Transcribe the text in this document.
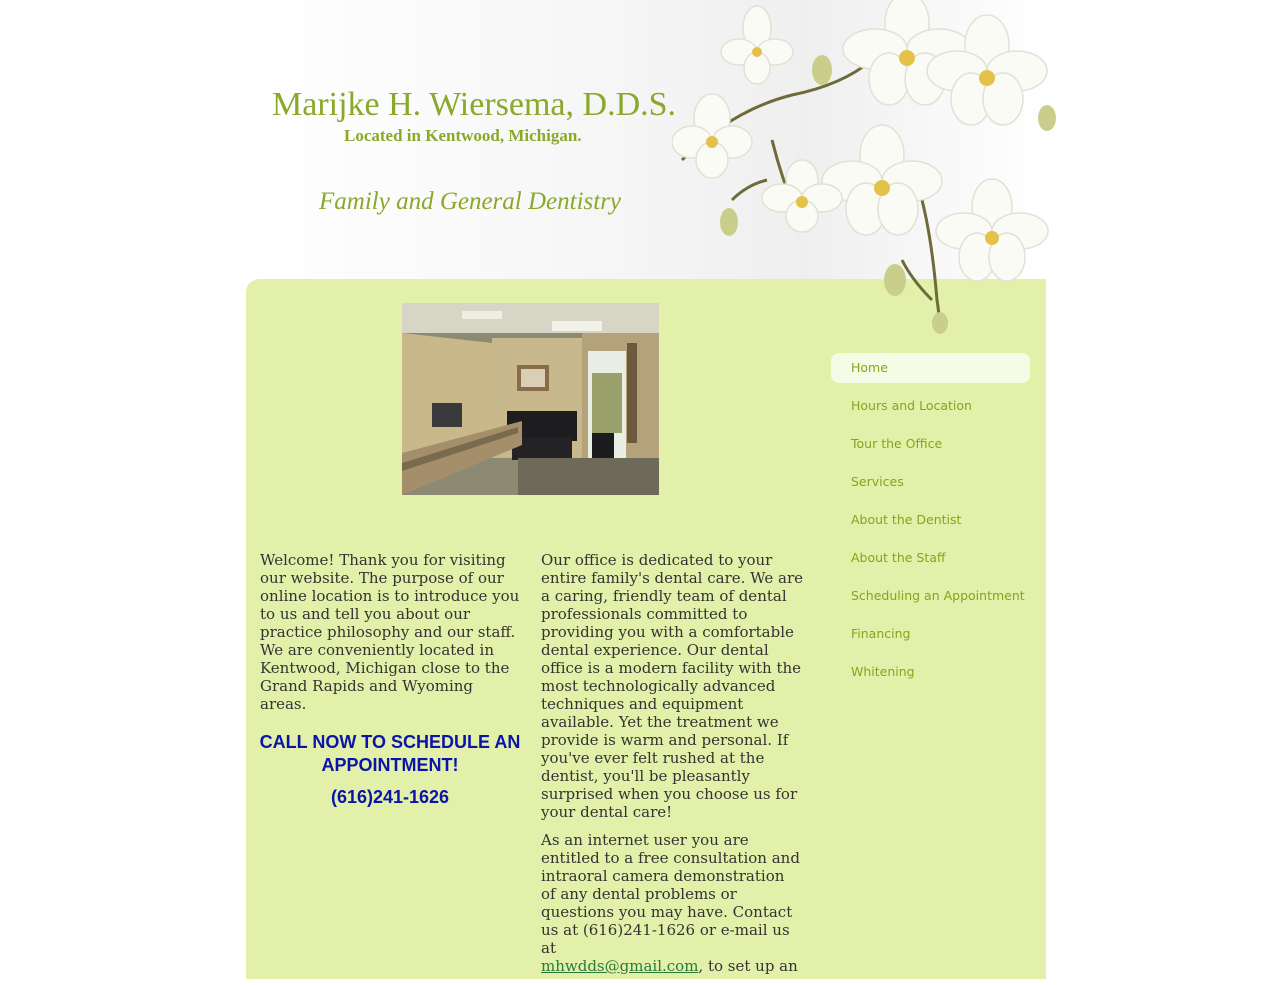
Marijke H. Wiersema, D.D.S.
Located in Kentwood, Michigan.
Family and General Dentistry

Welcome! Thank you for visiting our website. The purpose of our online location is to introduce you to us and tell you about our practice philosophy and our staff. We are conveniently located in Kentwood, Michigan close to the Grand Rapids and Wyoming areas.

CALL NOW TO SCHEDULE AN APPOINTMENT!
(616)241-1626

Our office is dedicated to your entire family's dental care. We are a caring, friendly team of dental professionals committed to providing you with a comfortable dental experience. Our dental office is a modern facility with the most technologically advanced techniques and equipment available. Yet the treatment we provide is warm and personal. If you've ever felt rushed at the dentist, you'll be pleasantly surprised when you choose us for your dental care!

As an internet user you are entitled to a free consultation and intraoral camera demonstration of any dental problems or questions you may have. Contact us at (616)241-1626 or e-mail us at
mhwdds@gmail.com, to set up an

Home
Hours and Location
Tour the Office
Services
About the Dentist
About the Staff
Scheduling an Appointment
Financing
Whitening
